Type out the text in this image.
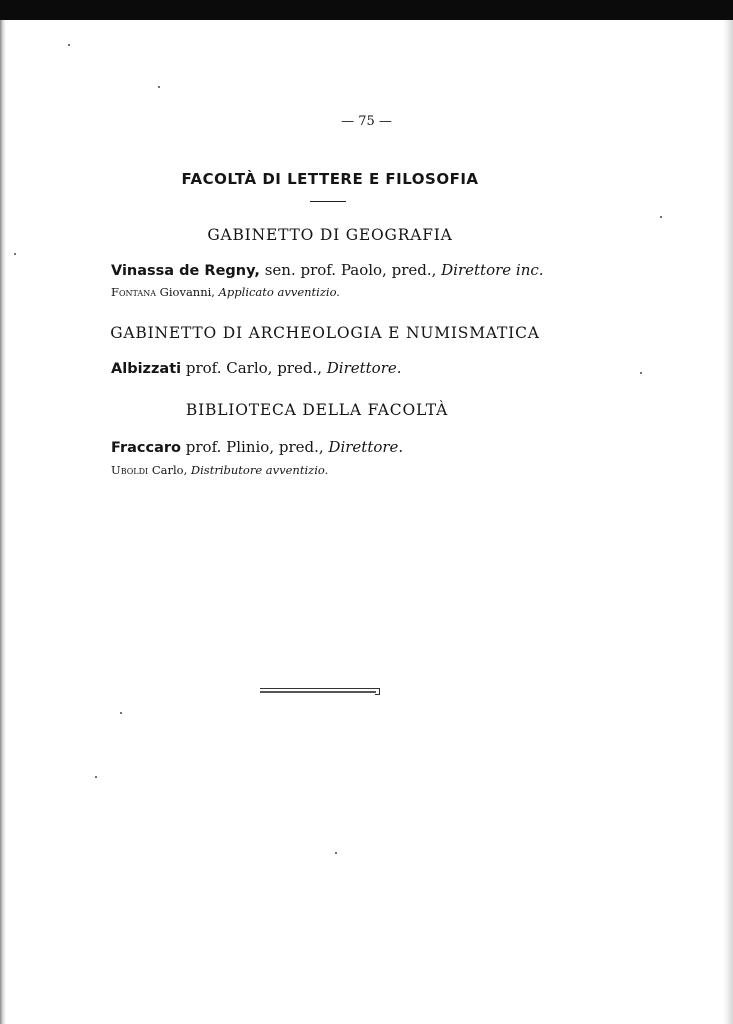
— 75 —
FACOLTÀ DI LETTERE E FILOSOFIA
GABINETTO DI GEOGRAFIA
Vinassa de Regny, sen. prof. Paolo, pred., Direttore inc.
Fontana Giovanni, Applicato avventizio.
GABINETTO DI ARCHEOLOGIA E NUMISMATICA
Albizzati prof. Carlo, pred., Direttore.
BIBLIOTECA DELLA FACOLTÀ
Fraccaro prof. Plinio, pred., Direttore.
Uboldi Carlo, Distributore avventizio.
